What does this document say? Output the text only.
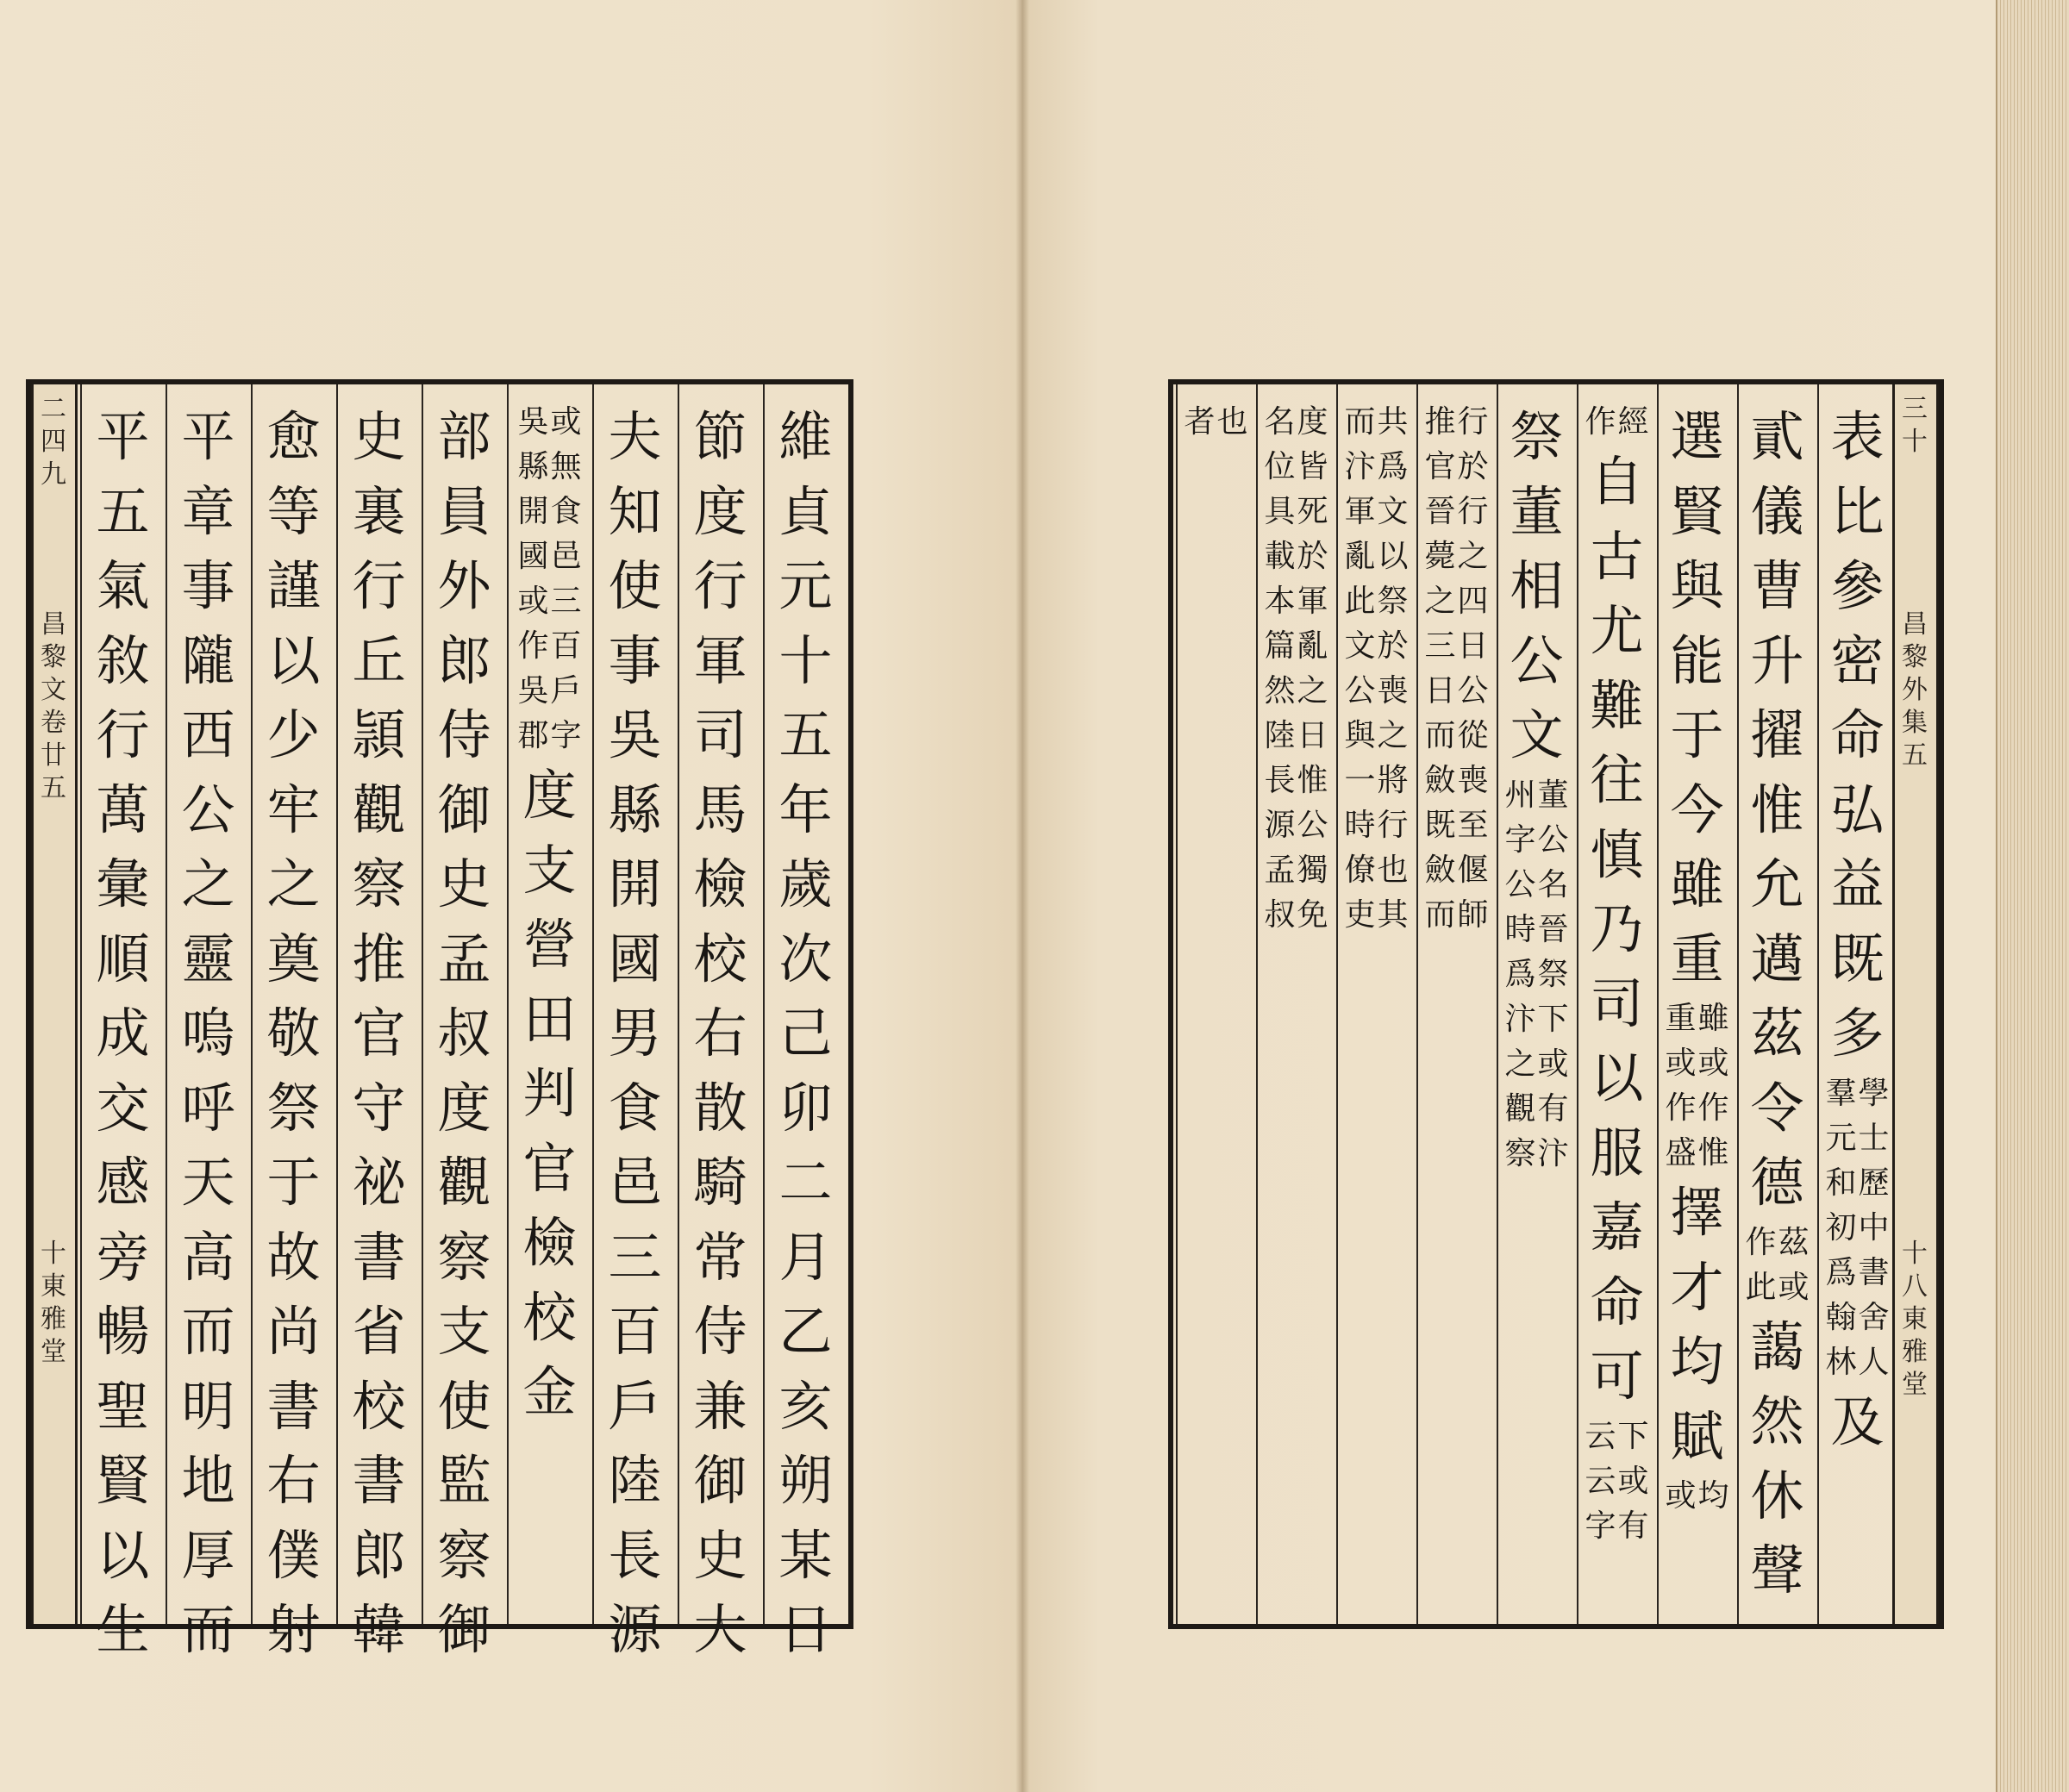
二
四
九
昌
黎
文
卷
廿
五
十
東
雅
堂
維
貞
元
十
五
年
歲
次
己
卯
二
月
乙
亥
朔
某
日
節
度
行
軍
司
馬
檢
校
右
散
騎
常
侍
兼
御
史
大
夫
知
使
事
吳
縣
開
國
男
食
邑
三
百
戶
陸
長
源
吳
縣
開
國
或
作
吳
郡
或
無
食
邑
三
百
戶
字
度
支
營
田
判
官
檢
校
金
部
員
外
郎
侍
御
史
孟
叔
度
觀
察
支
使
監
察
御
史
裏
行
丘
頴
觀
察
推
官
守
祕
書
省
校
書
郎
韓
愈
等
謹
以
少
牢
之
奠
敬
祭
于
故
尚
書
右
僕
射
平
章
事
隴
西
公
之
靈
嗚
呼
天
高
而
明
地
厚
而
平
五
氣
敘
行
萬
彙
順
成
交
感
旁
暢
聖
賢
以
生
三
十
昌
黎
外
集
五
十
八
東
雅
堂
表
比
參
密
命
弘
益
既
多
羣
元
和
初
爲
翰
林
學
士
歷
中
書
舍
人
及
貳
儀
曹
升
擢
惟
允
邁
茲
令
德
作
此
茲
或
藹
然
休
聲
選
賢
與
能
于
今
雖
重
重
或
作
盛
雖
或
作
惟
擇
才
均
賦
或 均
作 經
自
古
尤
難
往
慎
乃
司
以
服
嘉
命
可
云
云
字
下
或
有
祭
董
相
公
文
州
字
公
時
爲
汴
之
觀
察
董
公
名
晉
祭
下
或
有
汴
推
官
晉
薨
之
三
日
而
斂
既
斂
而
行
於
行
之
四
日
公
從
喪
至
偃
師
而
汴
軍
亂
此
文
公
與
一
時
僚
吏
共
爲
文
以
祭
於
喪
之
將
行
也
其
名
位
具
載
本
篇
然
陸
長
源
孟
叔
度
皆
死
於
軍
亂
之
日
惟
公
獨
免
者 也
